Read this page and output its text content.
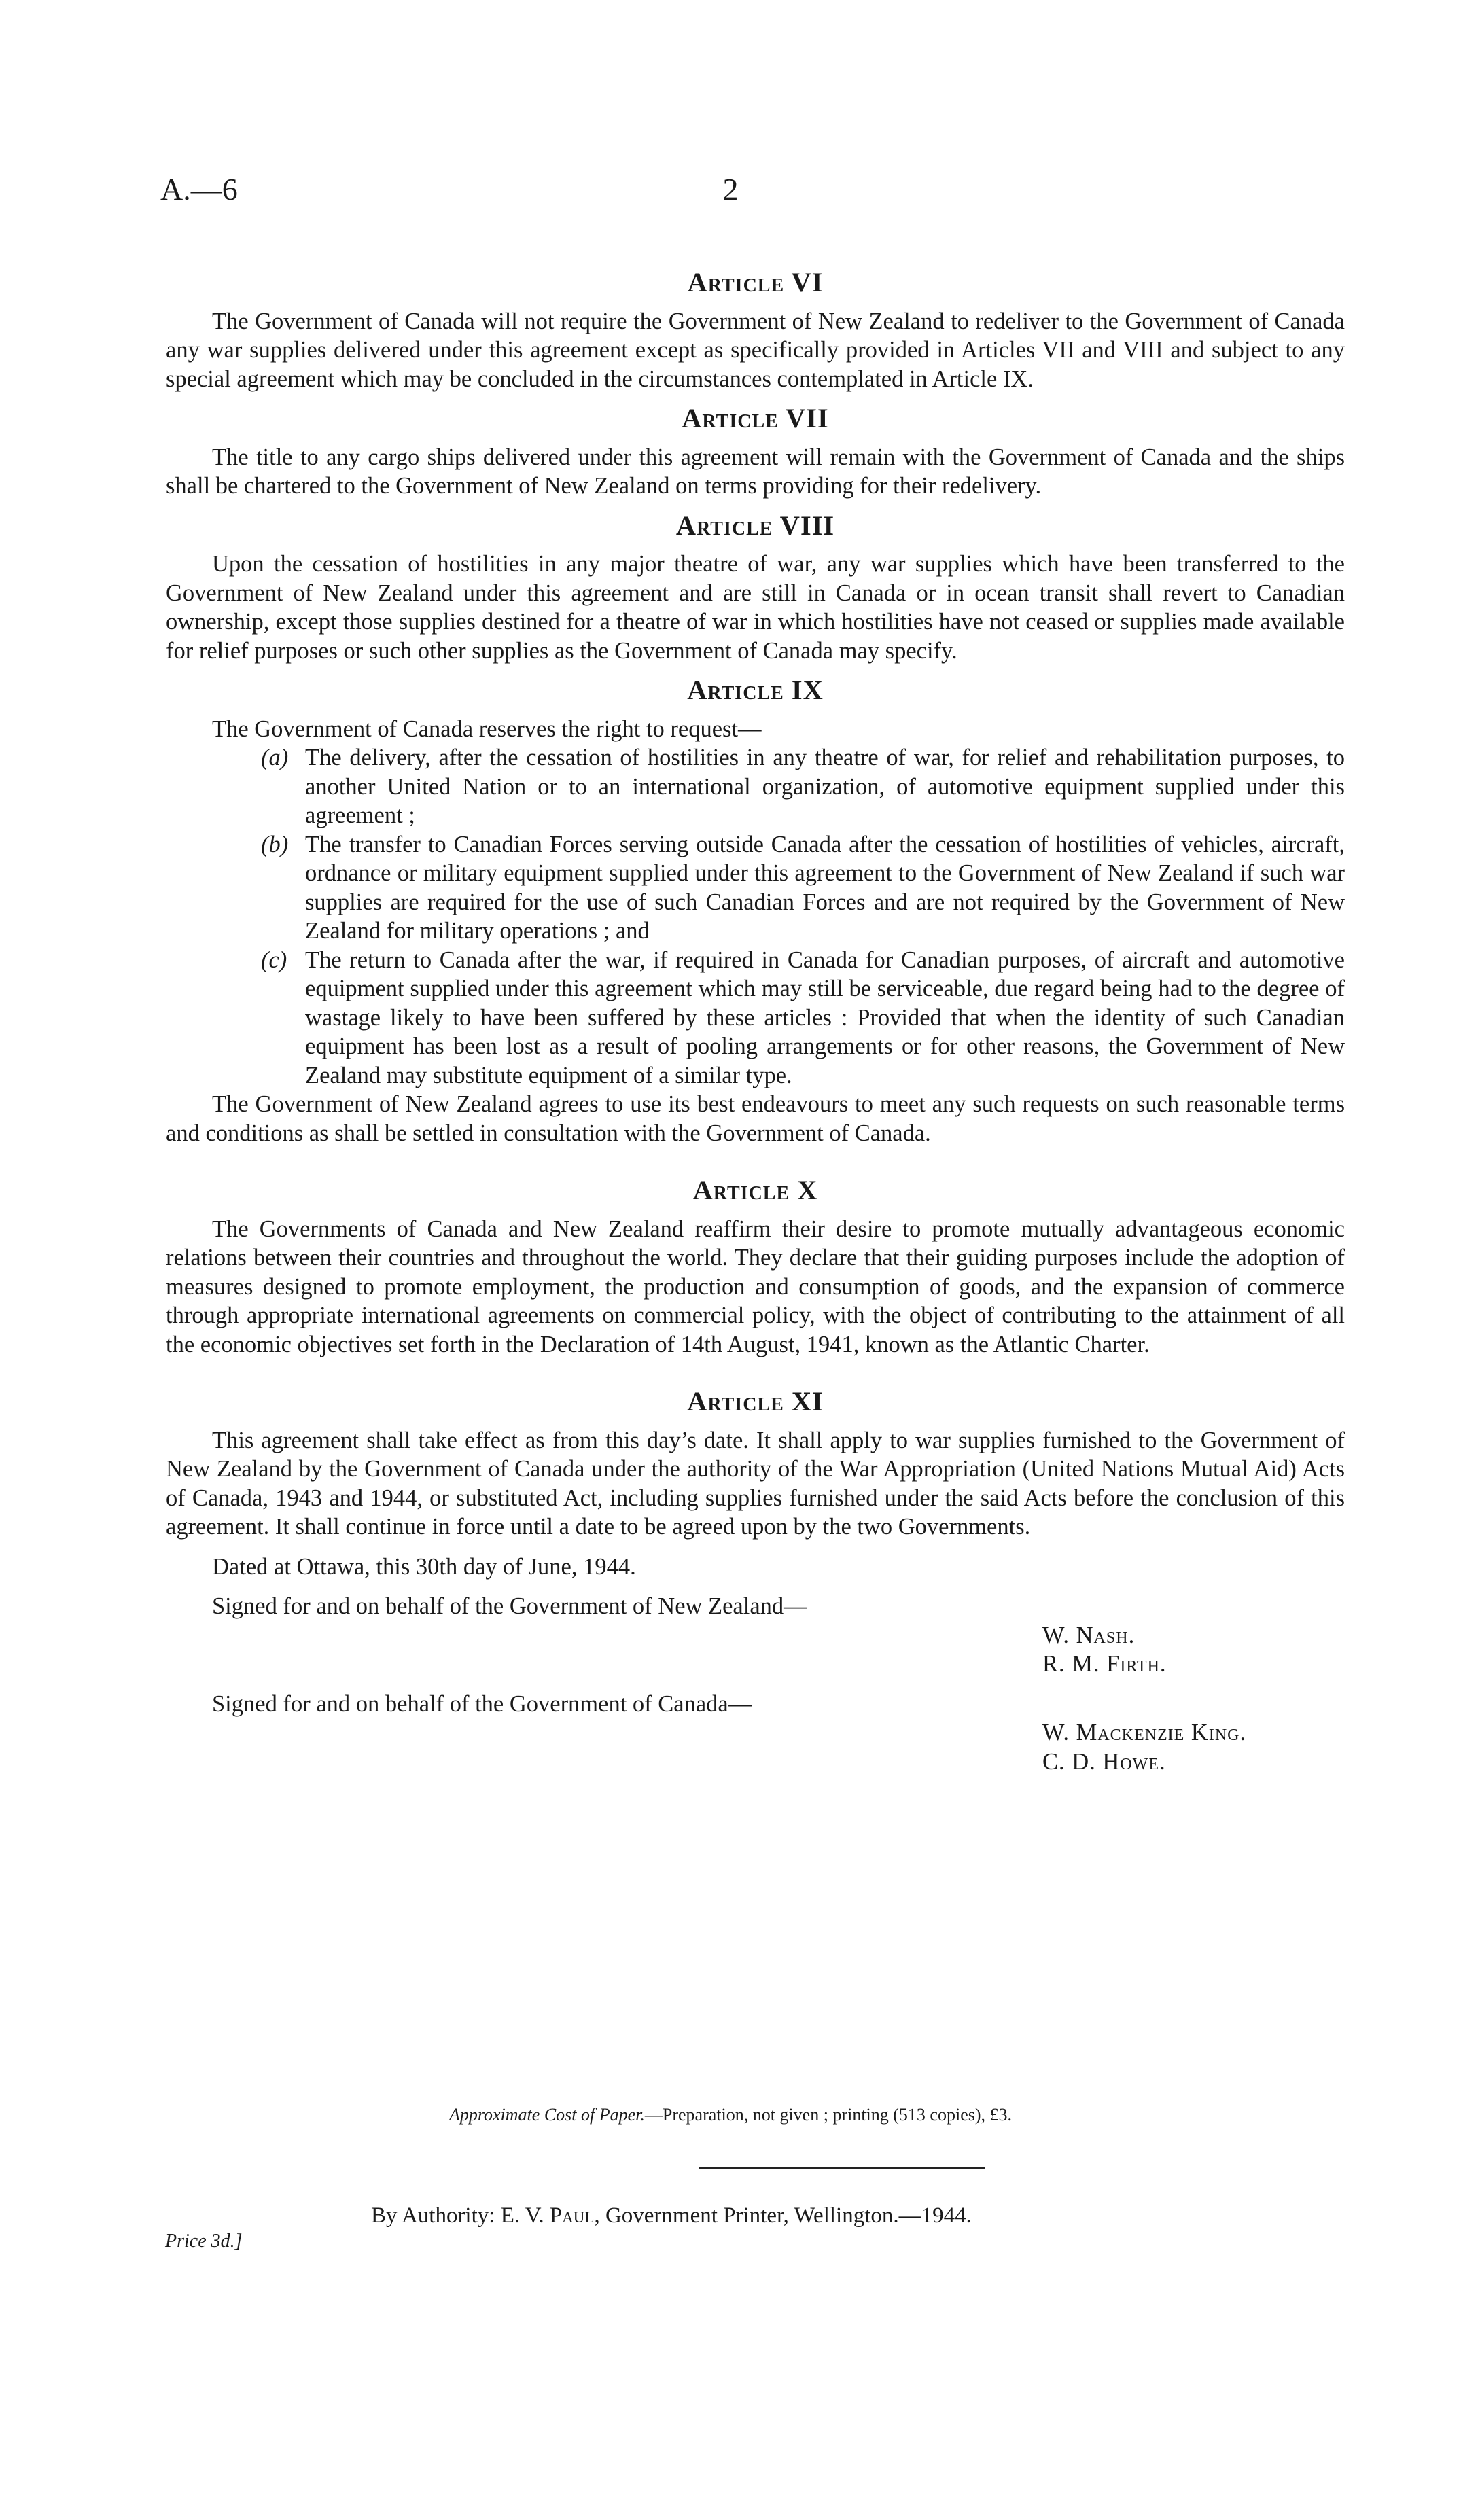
A.—6	2
Article VI

The Government of Canada will not require the Government of New Zealand to redeliver to the Government of Canada any war supplies delivered under this agreement except as specifically provided in Articles VII and VIII and subject to any special agreement which may be concluded in the circumstances contemplated in Article IX.

Article VII

The title to any cargo ships delivered under this agreement will remain with the Government of Canada and the ships shall be chartered to the Government of New Zealand on terms providing for their redelivery.

Article VIII

Upon the cessation of hostilities in any major theatre of war, any war supplies which have been transferred to the Government of New Zealand under this agreement and are still in Canada or in ocean transit shall revert to Canadian ownership, except those supplies destined for a theatre of war in which hostilities have not ceased or supplies made available for relief purposes or such other supplies as the Government of Canada may specify.

Article IX

The Government of Canada reserves the right to request—

(a) The delivery, after the cessation of hostilities in any theatre of war, for relief and rehabilitation purposes, to another United Nation or to an international organization, of automotive equipment supplied under this agreement ;
(b) The transfer to Canadian Forces serving outside Canada after the cessation of hostilities of vehicles, aircraft, ordnance or military equipment supplied under this agreement to the Government of New Zealand if such war supplies are required for the use of such Canadian Forces and are not required by the Government of New Zealand for military operations ; and
(c) The return to Canada after the war, if required in Canada for Canadian purposes, of aircraft and automotive equipment supplied under this agreement which may still be serviceable, due regard being had to the degree of wastage likely to have been suffered by these articles : Provided that when the identity of such Canadian equipment has been lost as a result of pooling arrangements or for other reasons, the Government of New Zealand may substitute equipment of a similar type.

The Government of New Zealand agrees to use its best endeavours to meet any such requests on such reasonable terms and conditions as shall be settled in consultation with the Government of Canada.

Article X

The Governments of Canada and New Zealand reaffirm their desire to promote mutually advantageous economic relations between their countries and throughout the world. They declare that their guiding purposes include the adoption of measures designed to promote employment, the production and consumption of goods, and the expansion of commerce through appropriate international agreements on commercial policy, with the object of contributing to the attainment of all the economic objectives set forth in the Declaration of 14th August, 1941, known as the Atlantic Charter.

Article XI

This agreement shall take effect as from this day’s date. It shall apply to war supplies furnished to the Government of New Zealand by the Government of Canada under the authority of the War Appropriation (United Nations Mutual Aid) Acts of Canada, 1943 and 1944, or substituted Act, including supplies furnished under the said Acts before the conclusion of this agreement. It shall continue in force until a date to be agreed upon by the two Governments.

Dated at Ottawa, this 30th day of June, 1944.

Signed for and on behalf of the Government of New Zealand—
W. Nash.
R. M. Firth.
Signed for and on behalf of the Government of Canada—
W. Mackenzie King.
C. D. Howe.
Approximate Cost of Paper.—Preparation, not given ; printing (513 copies), £3.
By Authority: E. V. Paul, Government Printer, Wellington.—1944.
Price 3d.]
